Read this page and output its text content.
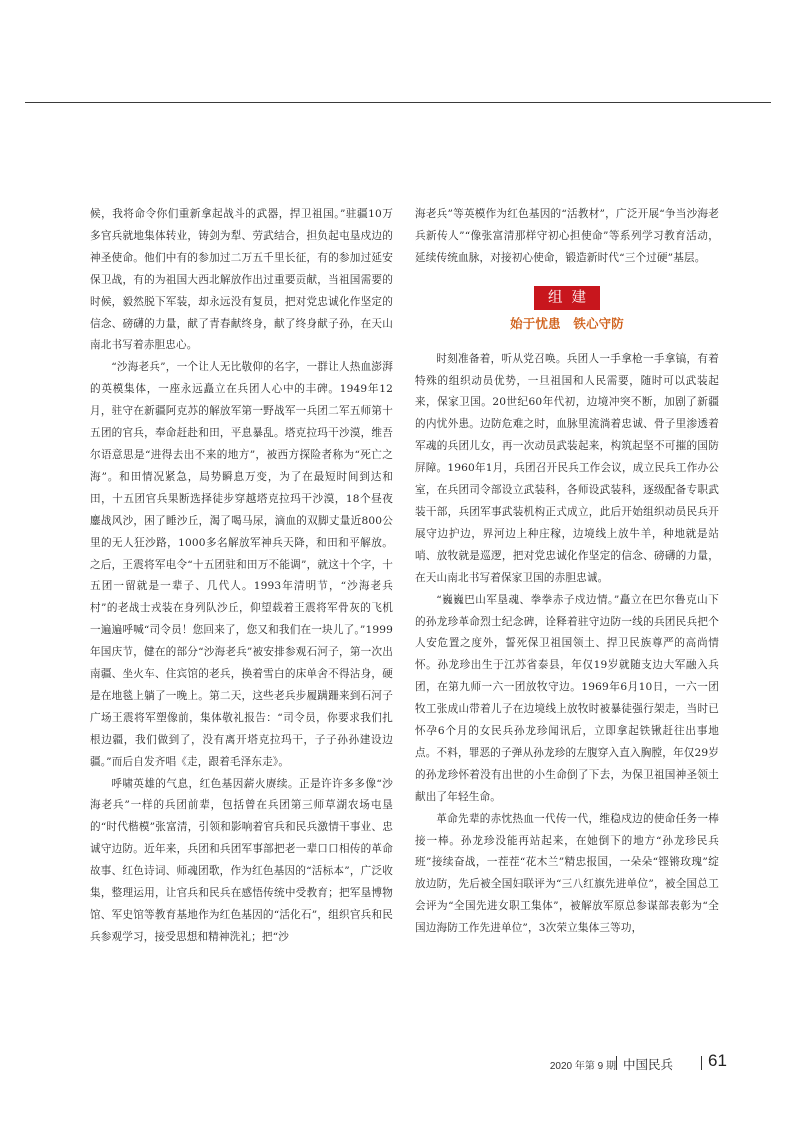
候，我将命令你们重新拿起战斗的武器，捍卫祖国。”驻疆10万多官兵就地集体转业，铸剑为犁、劳武结合，担负起屯垦戍边的神圣使命。他们中有的参加过二万五千里长征，有的参加过延安保卫战，有的为祖国大西北解放作出过重要贡献，当祖国需要的时候，毅然脱下军装，却永远没有复员，把对党忠诚化作坚定的信念、磅礴的力量，献了青春献终身，献了终身献子孙，在天山南北书写着赤胆忠心。

“沙海老兵”，一个让人无比敬仰的名字，一群让人热血澎湃的英模集体，一座永远矗立在兵团人心中的丰碑。1949年12月，驻守在新疆阿克苏的解放军第一野战军一兵团二军五师第十五团的官兵，奉命赶赴和田，平息暴乱。塔克拉玛干沙漠，维吾尔语意思是“进得去出不来的地方”，被西方探险者称为“死亡之海”。和田情况紧急，局势瞬息万变，为了在最短时间到达和田，十五团官兵果断选择徒步穿越塔克拉玛干沙漠，18个昼夜鏖战风沙，困了睡沙丘，渴了喝马尿，滴血的双脚丈量近800公里的无人狂沙路，1000多名解放军神兵天降，和田和平解放。之后，王震将军电令“十五团驻和田万不能调”，就这十个字，十五团一留就是一辈子、几代人。1993年清明节，“沙海老兵村”的老战士戎装在身列队沙丘，仰望载着王震将军骨灰的飞机一遍遍呼喊“司令员！您回来了，您又和我们在一块儿了。”1999年国庆节，健在的部分“沙海老兵”被安排参观石河子，第一次出南疆、坐火车、住宾馆的老兵，换着雪白的床单舍不得沾身，硬是在地毯上躺了一晚上。第二天，这些老兵步履蹒跚来到石河子广场王震将军塑像前，集体敬礼报告：“司令员，你要求我们扎根边疆，我们做到了，没有离开塔克拉玛干，子子孙孙建设边疆。”而后自发齐唱《走，跟着毛泽东走》。

呼啸英雄的气息，红色基因薪火赓续。正是许许多多像“沙海老兵”一样的兵团前辈，包括曾在兵团第三师草湖农场屯垦的“时代楷模”张富清，引领和影响着官兵和民兵激情干事业、忠诚守边防。近年来，兵团和兵团军事部把老一辈口口相传的革命故事、红色诗词、师魂团歌，作为红色基因的“活标本”，广泛收集，整理运用，让官兵和民兵在感悟传统中受教育；把军垦博物馆、军史馆等教育基地作为红色基因的“活化石”，组织官兵和民兵参观学习，接受思想和精神洗礼；把“沙

海老兵”等英模作为红色基因的“活教材”，广泛开展“争当沙海老兵新传人”“像张富清那样守初心担使命”等系列学习教育活动，延续传统血脉，对接初心使命，锻造新时代“三个过硬”基层。

组建
始于忧患　铁心守防

时刻准备着，听从党召唤。兵团人一手拿枪一手拿镐，有着特殊的组织动员优势，一旦祖国和人民需要，随时可以武装起来，保家卫国。20世纪60年代初，边境冲突不断，加剧了新疆的内忧外患。边防危难之时，血脉里流淌着忠诚、骨子里渗透着军魂的兵团儿女，再一次动员武装起来，构筑起坚不可摧的国防屏障。1960年1月，兵团召开民兵工作会议，成立民兵工作办公室，在兵团司令部设立武装科，各师设武装科，逐级配备专职武装干部，兵团军事武装机构正式成立，此后开始组织动员民兵开展守边护边，界河边上种庄稼，边境线上放牛羊，种地就是站哨、放牧就是巡逻，把对党忠诚化作坚定的信念、磅礴的力量，在天山南北书写着保家卫国的赤胆忠诚。

“巍巍巴山军垦魂、拳拳赤子戍边情。”矗立在巴尔鲁克山下的孙龙珍革命烈士纪念碑，诠释着驻守边防一线的兵团民兵把个人安危置之度外，誓死保卫祖国领土、捍卫民族尊严的高尚情怀。孙龙珍出生于江苏省泰县，年仅19岁就随支边大军融入兵团，在第九师一六一团放牧守边。1969年6月10日，一六一团牧工张成山带着儿子在边境线上放牧时被暴徒强行架走，当时已怀孕6个月的女民兵孙龙珍闻讯后，立即拿起铁锹赶往出事地点。不料，罪恶的子弹从孙龙珍的左腹穿入直入胸膛，年仅29岁的孙龙珍怀着没有出世的小生命倒了下去，为保卫祖国神圣领土献出了年轻生命。

革命先辈的赤忱热血一代传一代，维稳戍边的使命任务一棒接一棒。孙龙珍没能再站起来，在她倒下的地方“孙龙珍民兵班”接续奋战，一茬茬“花木兰”精忠报国，一朵朵“铿锵玫瑰”绽放边防，先后被全国妇联评为“三八红旗先进单位”，被全国总工会评为“全国先进女职工集体”，被解放军原总参谋部表彰为“全国边海防工作先进单位”，3次荣立集体三等功，

2020 年第 9 期 中国民兵 61
